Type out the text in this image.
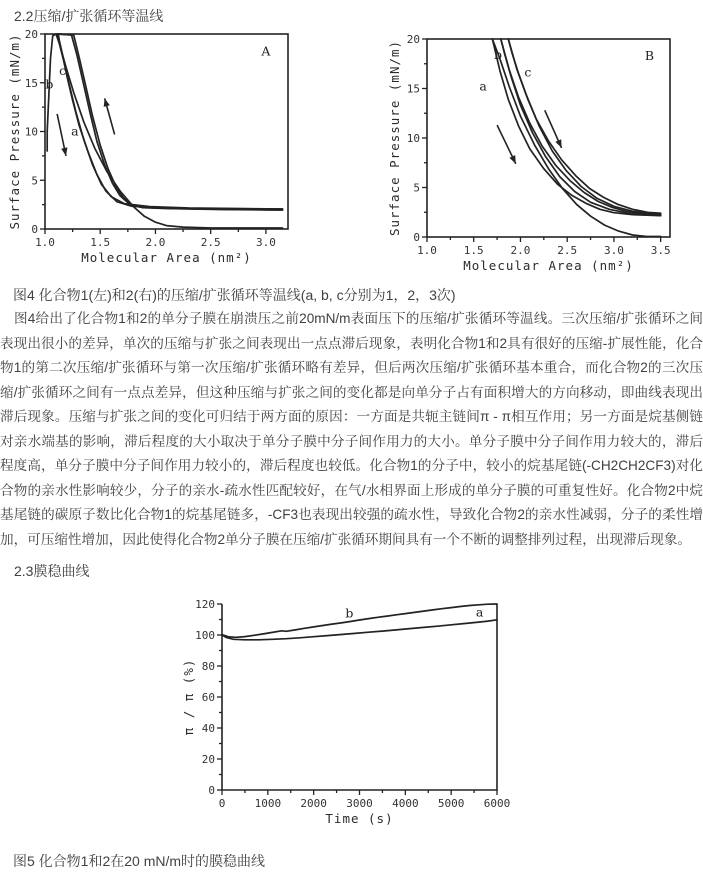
2.2压缩/扩张循环等温线
1.0	1.5	2.0	2.5	3.0
0
5
10
15
20
Molecular Area (nm²)
Surface Pressure (mN/m) b
c
a
A
1.0 1.5 2.0 2.5 3.0 3.5
0
5
10
15
20
Molecular Area (nm²)
Surface Pressure (mN/m)	a
b
c
B
图4 化合物1(左)和2(右)的压缩/扩张循环等温线(a, b, c分别为1，2，3次)
图4给出了化合物1和2的单分子膜在崩溃压之前20mN/m表面压下的压缩/扩张循环等温线。三次压缩/扩张循环之间表现出很小的差异，单次的压缩与扩张之间表现出一点点滞后现象，表明化合物1和2具有很好的压缩-扩展性能，化合物1的第二次压缩/扩张循环与第一次压缩/扩张循环略有差异，但后两次压缩/扩张循环基本重合，而化合物2的三次压缩/扩张循环之间有一点点差异，但这种压缩与扩张之间的变化都是向单分子占有面积增大的方向移动，即曲线表现出滞后现象。压缩与扩张之间的变化可归结于两方面的原因：一方面是共轭主链间π - π相互作用；另一方面是烷基侧链对亲水端基的影响，滞后程度的大小取决于单分子膜中分子间作用力的大小。单分子膜中分子间作用力较大的，滞后程度高，单分子膜中分子间作用力较小的，滞后程度也较低。化合物1的分子中，较小的烷基尾链(-CH2CH2CF3)对化合物的亲水性影响较少，分子的亲水-疏水性匹配较好，在气/水相界面上形成的单分子膜的可重复性好。化合物2中烷基尾链的碳原子数比化合物1的烷基尾链多，-CF3也表现出较强的疏水性，导致化合物2的亲水性减弱，分子的柔性增加，可压缩性增加，因此使得化合物2单分子膜在压缩/扩张循环期间具有一个不断的调整排列过程，出现滞后现象。
2.3膜稳曲线
0	1000 2000 3000 4000 5000 6000
0
20
40
60
80
100
120
Time (s)
π / π (%)
b	a
图5 化合物1和2在20 mN/m时的膜稳曲线
